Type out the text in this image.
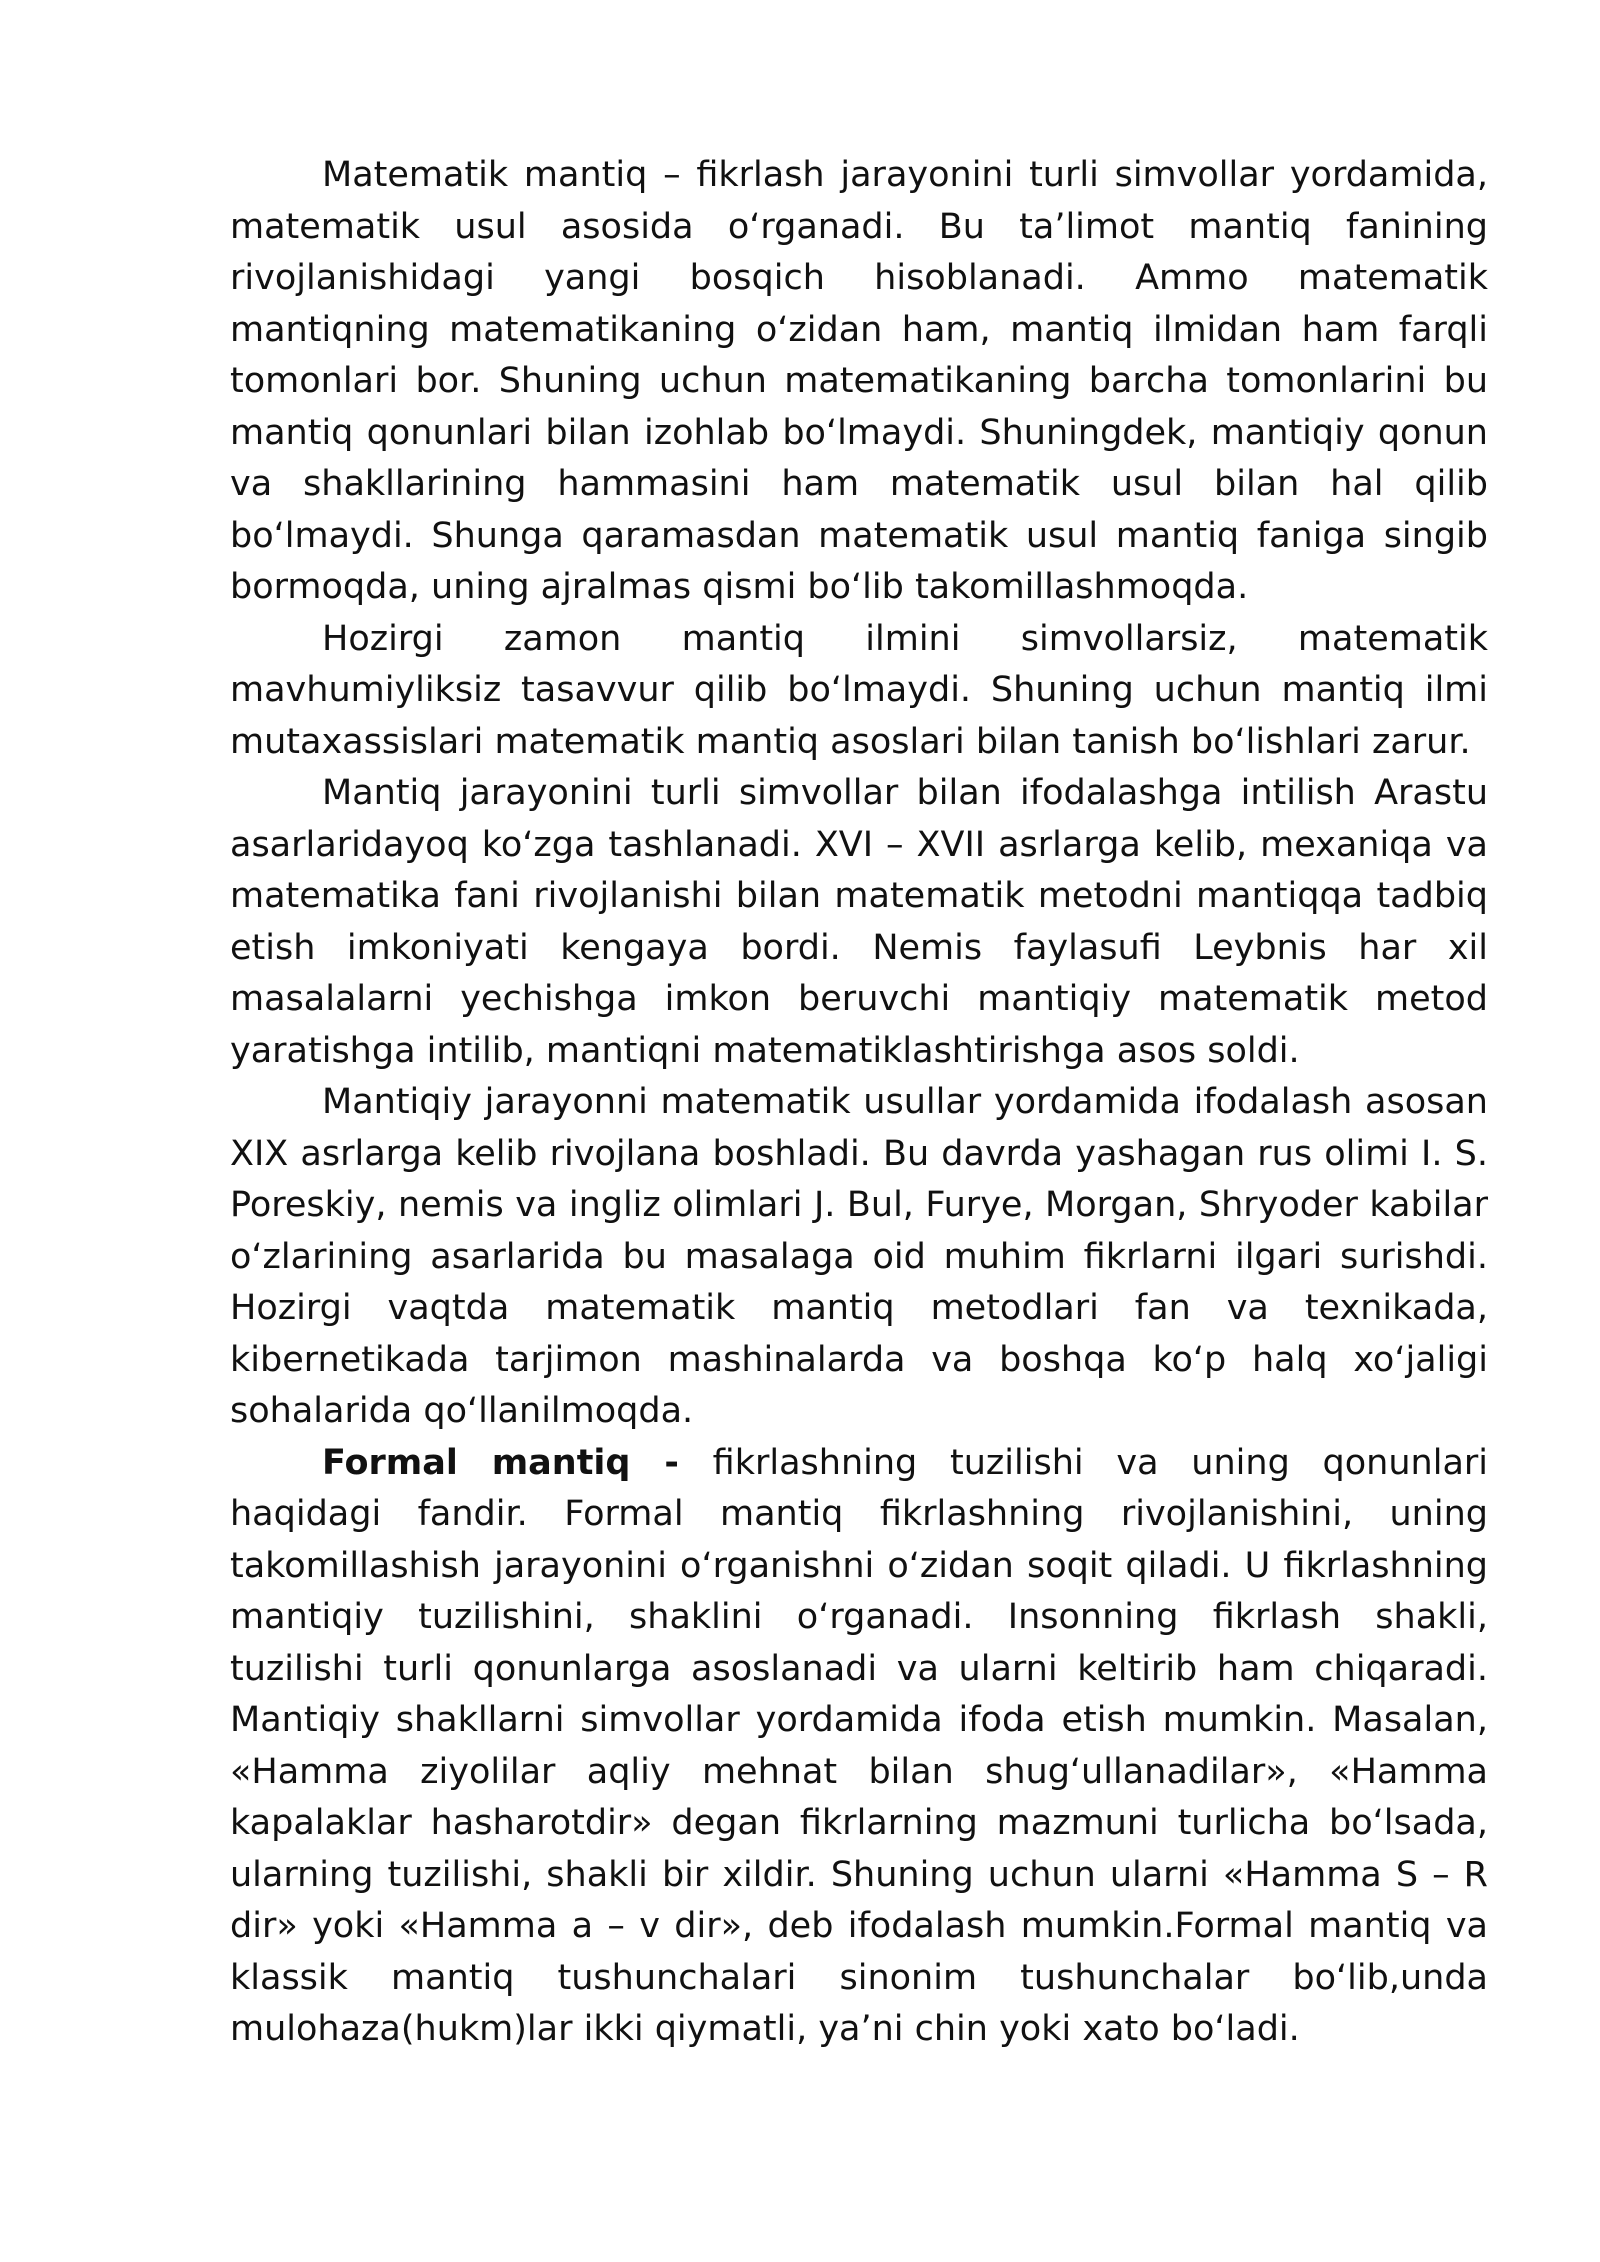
Matematik mantiq – fikrlash jarayonini turli simvollar yordamida, matematik usul asosida o‘rganadi. Bu ta’limot mantiq fanining rivojlanishidagi yangi bosqich hisoblanadi. Ammo matematik mantiqning matematikaning o‘zidan ham, mantiq ilmidan ham farqli tomonlari bor. Shuning uchun matematikaning barcha tomonlarini bu mantiq qonunlari bilan izohlab bo‘lmaydi. Shuningdek, mantiqiy qonun va shakllarining hammasini ham matematik usul bilan hal qilib bo‘lmaydi. Shunga qaramasdan matematik usul mantiq faniga singib bormoqda, uning ajralmas qismi bo‘lib takomillashmoqda.

Hozirgi zamon mantiq ilmini simvollarsiz, matematik mavhumiyliksiz tasavvur qilib bo‘lmaydi. Shuning uchun mantiq ilmi mutaxassislari matematik mantiq asoslari bilan tanish bo‘lishlari zarur.

Mantiq jarayonini turli simvollar bilan ifodalashga intilish Arastu asarlaridayoq ko‘zga tashlanadi. XVI – XVII asrlarga kelib, mexaniqa va matematika fani rivojlanishi bilan matematik metodni mantiqqa tadbiq etish imkoniyati kengaya bordi. Nemis faylasufi Leybnis har xil masalalarni yechishga imkon beruvchi mantiqiy matematik metod yaratishga intilib, mantiqni matematiklashtirishga asos soldi.

Mantiqiy jarayonni matematik usullar yordamida ifodalash asosan XIX asrlarga kelib rivojlana boshladi. Bu davrda yashagan rus olimi I. S. Poreskiy, nemis va ingliz olimlari J. Bul, Furye, Morgan, Shryoder kabilar o‘zlarining asarlarida bu masalaga oid muhim fikrlarni ilgari surishdi. Hozirgi vaqtda matematik mantiq metodlari fan va texnikada, kibernetikada tarjimon mashinalarda va boshqa ko‘p halq xo‘jaligi sohalarida qo‘llanilmoqda.

Formal mantiq - fikrlashning tuzilishi va uning qonunlari haqidagi fandir. Formal mantiq fikrlashning rivojlanishini, uning takomillashish jarayonini o‘rganishni o‘zidan soqit qiladi. U fikrlashning mantiqiy tuzilishini, shaklini o‘rganadi. Insonning fikrlash shakli, tuzilishi turli qonunlarga asoslanadi va ularni keltirib ham chiqaradi. Mantiqiy shakllarni simvollar yordamida ifoda etish mumkin. Masalan, «Hamma ziyolilar aqliy mehnat bilan shug‘ullanadilar», «Hamma kapalaklar hasharotdir» degan fikrlarning mazmuni turlicha bo‘lsada, ularning tuzilishi, shakli bir xildir. Shuning uchun ularni «Hamma S – R dir» yoki «Hamma a – v dir», deb ifodalash mumkin.Formal mantiq va klassik mantiq tushunchalari sinonim tushunchalar bo‘lib,unda mulohaza(hukm)lar ikki qiymatli, ya’ni chin yoki xato bo‘ladi.
